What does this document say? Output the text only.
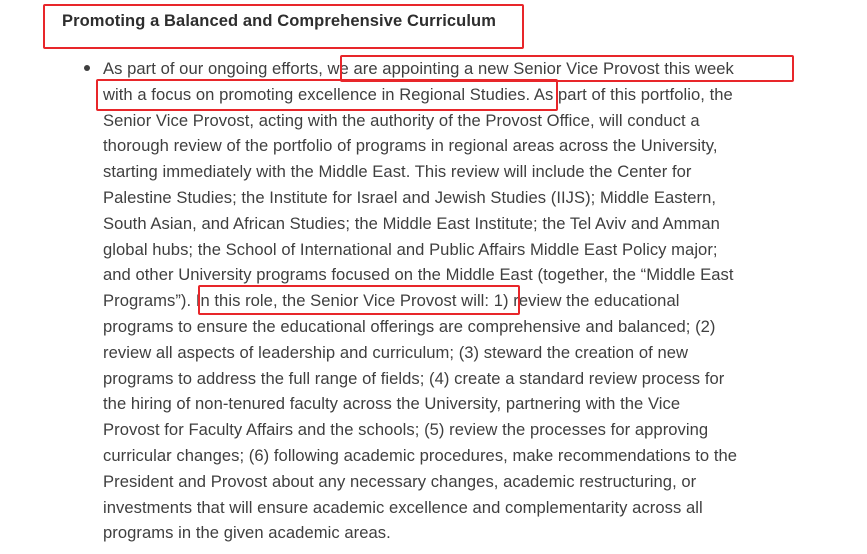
Promoting a Balanced and Comprehensive Curriculum
As part of our ongoing efforts, we are appointing a new Senior Vice Provost this week
with a focus on promoting excellence in Regional Studies. As part of this portfolio, the
Senior Vice Provost, acting with the authority of the Provost Office, will conduct a
thorough review of the portfolio of programs in regional areas across the University,
starting immediately with the Middle East. This review will include the Center for
Palestine Studies; the Institute for Israel and Jewish Studies (IIJS); Middle Eastern,
South Asian, and African Studies; the Middle East Institute; the Tel Aviv and Amman
global hubs; the School of International and Public Affairs Middle East Policy major;
and other University programs focused on the Middle East (together, the “Middle East
Programs”). In this role, the Senior Vice Provost will: 1) review the educational
programs to ensure the educational offerings are comprehensive and balanced; (2)
review all aspects of leadership and curriculum; (3) steward the creation of new
programs to address the full range of fields; (4) create a standard review process for
the hiring of non-tenured faculty across the University, partnering with the Vice
Provost for Faculty Affairs and the schools; (5) review the processes for approving
curricular changes; (6) following academic procedures, make recommendations to the
President and Provost about any necessary changes, academic restructuring, or
investments that will ensure academic excellence and complementarity across all
programs in the given academic areas.
